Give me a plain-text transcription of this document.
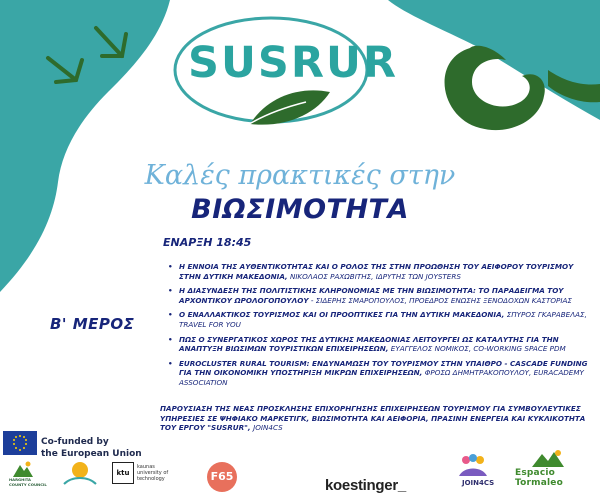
SUSRUR
Καλές πρακτικές στην
ΒΙΩΣΙΜΟΤΗΤΑ
ΕΝΑΡΞΗ 18:45
Β' ΜΕΡΟΣ
• Η ΕΝΝΟΙΑ ΤΗΣ ΑΥΘΕΝΤΙΚΟΤΗΤΑΣ ΚΑΙ Ο ΡΟΛΟΣ ΤΗΣ ΣΤΗΝ ΠΡΟΩΘΗΣΗ ΤΟΥ ΑΕΙΦΟΡΟΥ ΤΟΥΡΙΣΜΟΥ ΣΤΗΝ ΔΥΤΙΚΗ ΜΑΚΕΔΟΝΙΑ, ΝΙΚΟΛΑΟΣ ΡΑΧΩΒΙΤΗΣ, ΙΔΡΥΤΗΣ ΤΩΝ JOYSTERS
• Η ΔΙΑΣΥΝΔΕΣΗ ΤΗΣ ΠΟΛΙΤΙΣΤΙΚΗΣ ΚΛΗΡΟΝΟΜΙΑΣ ΜΕ ΤΗΝ ΒΙΩΣΙΜΟΤΗΤΑ: ΤΟ ΠΑΡΑΔΕΙΓΜΑ ΤΟΥ ΑΡΧΟΝΤΙΚΟΥ ΩΡΟΛΟΓΟΠΟΥΛΟΥ - ΣΙΔΕΡΗΣ ΣΜΑΡΟΠΟΥΛΟΣ, ΠΡΟΕΔΡΟΣ ΕΝΩΣΗΣ ΞΕΝΟΔΟΧΩΝ ΚΑΣΤΟΡΙΑΣ
• Ο ΕΝΑΛΛΑΚΤΙΚΟΣ ΤΟΥΡΙΣΜΟΣ ΚΑΙ ΟΙ ΠΡΟΟΠΤΙΚΕΣ ΓΙΑ ΤΗΝ ΔΥΤΙΚΗ ΜΑΚΕΔΟΝΙΑ, ΣΠΥΡΟΣ ΓΚΑΡΑΒΕΛΑΣ, TRAVEL FOR YOU
• ΠΩΣ Ο ΣΥΝΕΡΓΑΤΙΚΟΣ ΧΩΡΟΣ ΤΗΣ ΔΥΤΙΚΗΣ ΜΑΚΕΔΟΝΙΑΣ ΛΕΙΤΟΥΡΓΕΙ ΩΣ ΚΑΤΑΛΥΤΗΣ ΓΙΑ ΤΗΝ ΑΝΑΠΤΥΞΗ ΒΙΩΣΙΜΩΝ ΤΟΥΡΙΣΤΙΚΩΝ ΕΠΙΧΕΙΡΗΣΕΩΝ, ΕΥΑΓΓΕΛΟΣ ΝΟΜΙΚΟΣ, CO-WORKING SPACE PDM
• EUROCLUSTER RURAL TOURISM: ΕΝΔΥΝΑΜΩΣΗ ΤΟΥ ΤΟΥΡΙΣΜΟΥ ΣΤΗΝ ΥΠΑΙΘΡΟ - CASCADE FUNDING ΓΙΑ ΤΗΝ ΟΙΚΟΝΟΜΙΚΗ ΥΠΟΣΤΗΡΙΞΗ ΜΙΚΡΩΝ ΕΠΙΧΕΙΡΗΣΕΩΝ, ΦΡΟΣΩ ΔΗΜΗΤΡΑΚΟΠΟΥΛΟΥ, EURACADEMY ASSOCIATION
ΠΑΡΟΥΣΙΑΣΗ ΤΗΣ ΝΕΑΣ ΠΡΟΣΚΛΗΣΗΣ ΕΠΙΧΟΡΗΓΗΣΗΣ ΕΠΙΧΕΙΡΗΣΕΩΝ ΤΟΥΡΙΣΜΟΥ ΓΙΑ ΣΥΜΒΟΥΛΕΥΤΙΚΕΣ ΥΠΗΡΕΣΙΕΣ ΣΕ ΨΗΦΙΑΚΟ ΜΑΡΚΕΤΙΓΚ, ΒΙΩΣΙΜΟΤΗΤΑ ΚΑΙ ΑΕΙΦΟΡΙΑ, ΠΡΑΣΙΝΗ ΕΝΕΡΓΕΙΑ ΚΑΙ ΚΥΚΛΙΚΟΤΗΤΑ ΤΟΥ ΕΡΓΟΥ "SUSRUR", JOIN4CS
Co-funded by
the European Union
HARGHITA COUNTY COUNCIL
ktu
kaunas university of technology	F65
koestinger_	JOIN4CS
Espacio Tormaleo
